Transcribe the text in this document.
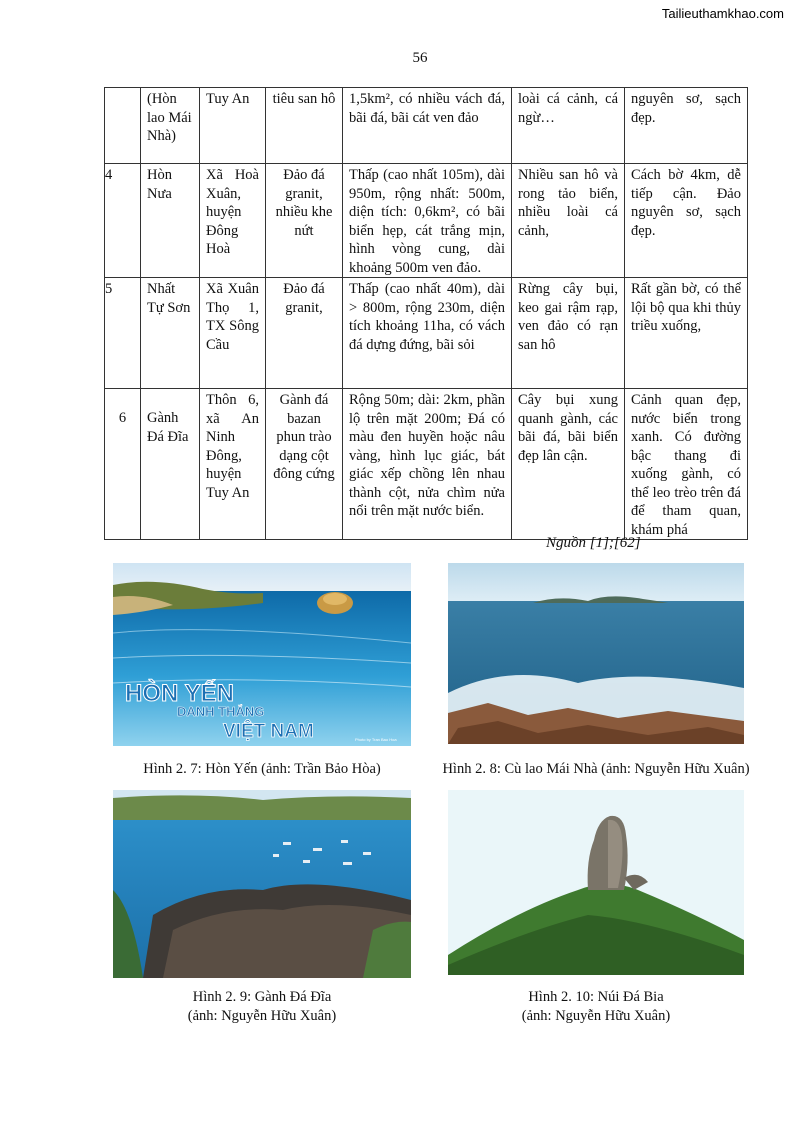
Tailieuthamkhao.com
56
	(Hòn lao Mái Nhà)	Tuy An	tiêu san hô	1,5km², có nhiều vách đá, bãi đá, bãi cát ven đảo	loài cá cảnh, cá ngừ…	nguyên sơ, sạch đẹp.
4	Hòn Nưa	Xã Hoà Xuân, huyện Đông Hoà	Đảo đá granit, nhiều khe nứt	Thấp (cao nhất 105m), dài 950m, rộng nhất: 500m, diện tích: 0,6km², có bãi biển hẹp, cát trắng mịn, hình vòng cung, dài khoảng 500m ven đảo.	Nhiều san hô và rong tảo biển, nhiều loài cá cảnh,	Cách bờ 4km, dễ tiếp cận. Đảo nguyên sơ, sạch đẹp.
5	Nhất Tự Sơn	Xã Xuân Thọ 1, TX Sông Cầu	Đảo đá granit,	Thấp (cao nhất 40m), dài > 800m, rộng 230m, diện tích khoảng 11ha, có vách đá dựng đứng, bãi sỏi	Rừng cây bụi, keo gai rậm rạp, ven đảo có rạn san hô	Rất gần bờ, có thể lội bộ qua khi thủy triều xuống,
6	Gành Đá Đĩa	Thôn 6, xã An Ninh Đông, huyện Tuy An	Gành đá bazan phun trào dạng cột đông cứng	Rộng 50m; dài: 2km, phần lộ trên mặt 200m; Đá có màu đen huyền hoặc nâu vàng, hình lục giác, bát giác xếp chồng lên nhau thành cột, nửa chìm nửa nổi trên mặt nước biển.	Cây bụi xung quanh gành, các bãi đá, bãi biển đẹp lân cận.	Cảnh quan đẹp, nước biển trong xanh. Có đường bậc thang đi xuống gành, có thể leo trèo trên đá để tham quan, khám phá
Nguồn [1];[62]
HÒN YẾN
DANH THẮNG
VIỆT NAM	Photo by Tran Bao Hoa
Hình 2. 7: Hòn Yến (ảnh: Trần Bảo Hòa)	Hình 2. 8: Cù lao Mái Nhà (ảnh: Nguyễn Hữu Xuân)
Hình 2. 9: Gành Đá Đĩa
(ảnh: Nguyễn Hữu Xuân)
Hình 2. 10: Núi Đá Bia
(ảnh: Nguyễn Hữu Xuân)
